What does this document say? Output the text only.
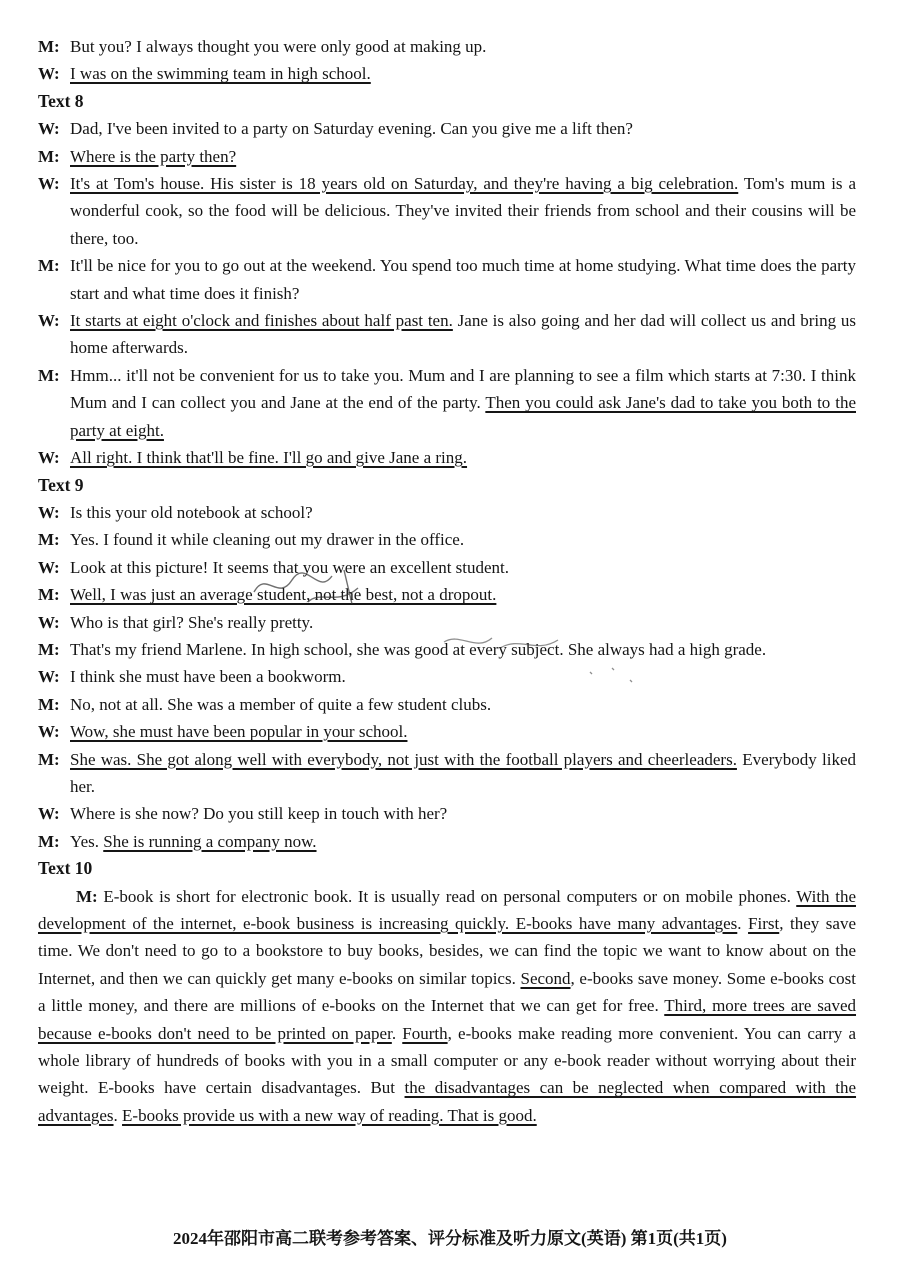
M: But you? I always thought you were only good at making up.
W: I was on the swimming team in high school.
Text 8
W: Dad, I've been invited to a party on Saturday evening. Can you give me a lift then?
M: Where is the party then?
W: It's at Tom's house. His sister is 18 years old on Saturday, and they're having a big celebration. Tom's mum is a wonderful cook, so the food will be delicious. They've invited their friends from school and their cousins will be there, too.
M: It'll be nice for you to go out at the weekend. You spend too much time at home studying. What time does the party start and what time does it finish?
W: It starts at eight o'clock and finishes about half past ten. Jane is also going and her dad will collect us and bring us home afterwards.
M: Hmm... it'll not be convenient for us to take you. Mum and I are planning to see a film which starts at 7:30. I think Mum and I can collect you and Jane at the end of the party. Then you could ask Jane's dad to take you both to the party at eight.
W: All right. I think that'll be fine. I'll go and give Jane a ring.
Text 9
W: Is this your old notebook at school?
M: Yes. I found it while cleaning out my drawer in the office.
W: Look at this picture! It seems that you were an excellent student.
M: Well, I was just an average student, not the best, not a dropout.
W: Who is that girl? She's really pretty.
M: That's my friend Marlene. In high school, she was good at every subject. She always had a high grade.
W: I think she must have been a bookworm.
M: No, not at all. She was a member of quite a few student clubs.
W: Wow, she must have been popular in your school.
M: She was. She got along well with everybody, not just with the football players and cheerleaders. Everybody liked her.
W: Where is she now? Do you still keep in touch with her?
M: Yes. She is running a company now.
Text 10
M: E-book is short for electronic book. It is usually read on personal computers or on mobile phones. With the development of the internet, e-book business is increasing quickly. E-books have many advantages. First, they save time. We don't need to go to a bookstore to buy books, besides, we can find the topic we want to know about on the Internet, and then we can quickly get many e-books on similar topics. Second, e-books save money. Some e-books cost a little money, and there are millions of e-books on the Internet that we can get for free. Third, more trees are saved because e-books don't need to be printed on paper. Fourth, e-books make reading more convenient. You can carry a whole library of hundreds of books with you in a small computer or any e-book reader without worrying about their weight. E-books have certain disadvantages. But the disadvantages can be neglected when compared with the advantages. E-books provide us with a new way of reading. That is good.
2024年邵阳市高二联考参考答案、评分标准及听力原文(英语) 第1页(共1页)
